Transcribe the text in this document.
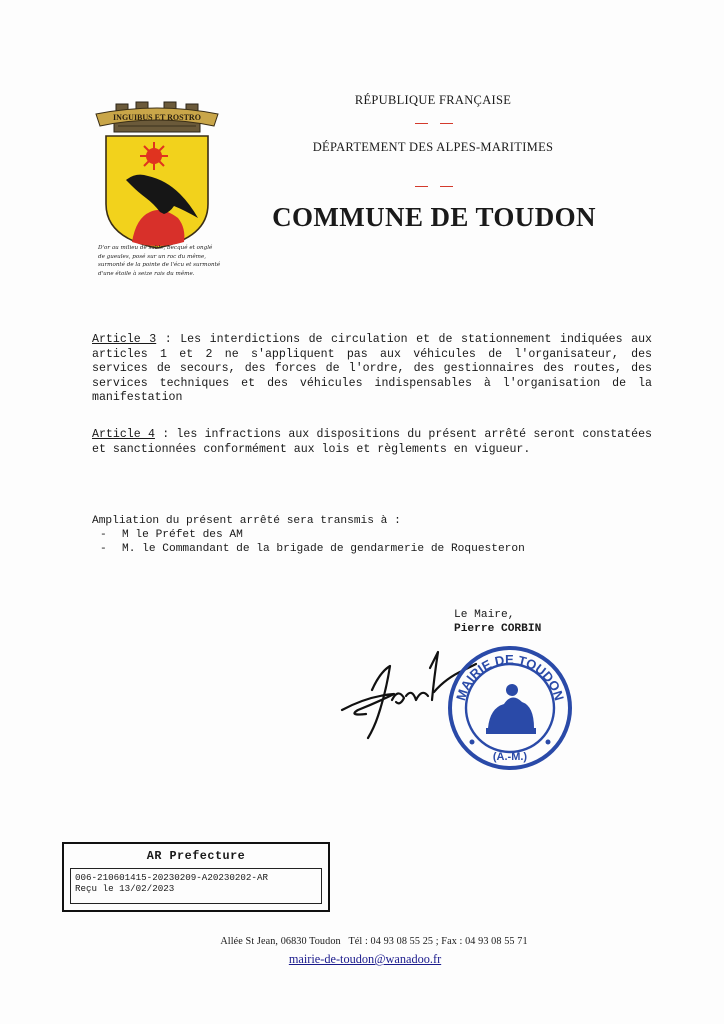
INGUIBUS ET ROSTRO
D'or au milieu de sable, becqué et onglé
de gueules, posé sur un roc du même,
surmonté de la pointe de l'écu et surmonté
d'une étoile à seize rais du même.
RÉPUBLIQUE FRANÇAISE
DÉPARTEMENT DES ALPES-MARITIMES
COMMUNE DE TOUDON
Article 3 : Les interdictions de circulation et de stationnement indiquées aux articles 1 et 2 ne s'appliquent pas aux véhicules de l'organisateur, des services de secours, des forces de l'ordre, des gestionnaires des routes, des services techniques et des véhicules indispensables à l'organisation de la manifestation
Article 4 : les infractions aux dispositions du présent arrêté seront constatées et sanctionnées conformément aux lois et règlements en vigueur.
Ampliation du présent arrêté sera transmis à :
- M le Préfet des AM
- M. le Commandant de la brigade de gendarmerie de Roquesteron
Le Maire,
Pierre CORBIN
MAIRIE DE TOUDON
(A.-M.)
AR Prefecture
006-210601415-20230209-A20230202-AR
Reçu le 13/02/2023
Allée St Jean, 06830 Toudon   Tél : 04 93 08 55 25 ; Fax : 04 93 08 55 71
mairie-de-toudon@wanadoo.fr
